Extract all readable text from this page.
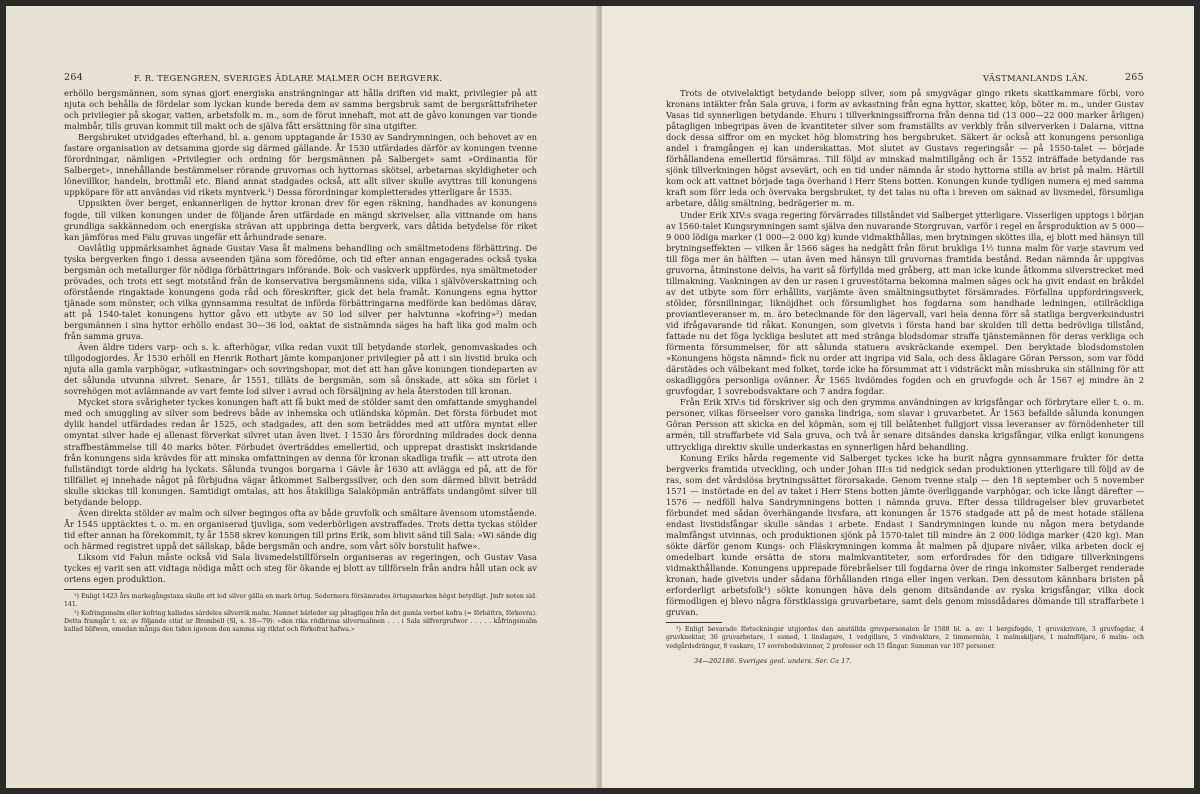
264	F. R. TEGENGREN, SVERIGES ÄDLARE MALMER OCH BERGVERK.

erhöllo bergsmännen, som synas gjort energiska ansträngningar att hålla driften vid makt, privilegier på att njuta och behålla de fördelar som lyckan kunde bereda dem av samma bergsbruk samt de bergsrättsfriheter och privilegier på skogar, vatten, arbetsfolk m. m., som de förut innehaft, mot att de gåvo konungen var tionde malmbår, tills gruvan kommit till makt och de själva fått ersättning för sina utgifter.

Bergsbruket utvidgades efterhand, bl. a. genom upptagande år 1530 av Sandrymningen, och behovet av en fastare organisation av detsamma gjorde sig därmed gällande. År 1530 utfärdades därför av konungen tvenne förordningar, nämligen »Privilegier och ordning för bergsmännen på Salberget» samt »Ordinantia för Salberget», innehållande bestämmelser rörande gruvornas och hyttornas skötsel, arbetarnas skyldigheter och lönevillkor, handeln, brottmål etc. Bland annat stadgades också, att allt silver skulle avyttras till konungens uppköpare för att användas vid rikets myntverk.¹) Dessa förordningar kompletterades ytterligare år 1535.

Uppsikten över berget, enkannerligen de hyttor kronan drev för egen räkning, handhades av konungens fogde, till vilken konungen under de följande åren utfärdade en mängd skrivelser, alla vittnande om hans grundliga sakkännedom och energiska strävan att uppbringa detta bergverk, vars dåtida betydelse för riket kan jämföras med Falu gruvas ungefär ett århundrade senare.

Oavlåtlig uppmärksamhet ägnade Gustav Vasa åt malmens behandling och smältmetodens förbättring. De tyska bergverken fingo i dessa avseenden tjäna som föredöme, och tid efter annan engagerades också tyska bergsmän och metallurger för nödiga förbättringars införande. Bok- och vaskverk uppfördes, nya smältmetoder prövades, och trots ett segt motstånd från de konservativa bergsmännens sida, vilka i självöverskattning och oförstående ringaktade konungens goda råd och föreskrifter, gick det hela framåt. Konungens egna hyttor tjänade som mönster, och vilka gynnsamma resultat de införda förbättringarna medförde kan bedömas därav, att på 1540-talet konungens hyttor gåvo ett utbyte av 50 lod silver per halvtunna »kofring»²) medan bergsmännen i sina hyttor erhöllo endast 30—36 lod, oaktat de sistnämnda säges ha haft lika god malm och från samma gruva.

Även äldre tiders varp- och s. k. afterhögar, vilka redan vuxit till betydande storlek, genomvaskades och tillgodogjordes. År 1530 erhöll en Henrik Rothart jämte kompanjoner privilegier på att i sin livstid bruka och njuta alla gamla varphögar, »utkastningar» och sovringshopar, mot det att han gåve konungen tiondeparten av det sålunda utvunna silvret. Senare, år 1551, tilläts de bergsmän, som så önskade, att söka sin förlet i sovrehögen mot avlämnande av vart femte lod silver i avrad och försäljning av hela återstoden till kronan.

Mycket stora svårigheter tyckes konungen haft att få bukt med de stölder samt den omfattande smyghandel med och smuggling av silver som bedrevs både av inhemska och utländska köpmän. Det första förbudet mot dylik handel utfärdades redan år 1525, och stadgades, att den som beträddes med att utföra myntat eller omyntat silver hade ej allenast förverkat silvret utan även livet. I 1530 års förordning mildrades dock denna straffbestämmelse till 40 marks böter. Förbudet överträddes emellertid, och upprepat drastiskt inskridande från konungens sida krävdes för att minska omfattningen av denna för kronan skadliga trafik — att utrota den fullständigt torde aldrig ha lyckats. Sålunda tvungos borgarna i Gävle år 1630 att avlägga ed på, att de för tillfället ej innehade något på förbjudna vägar åtkommet Salbergssilver, och den som därmed blivit beträdd skulle skickas till konungen. Samtidigt omtalas, att hos åtskilliga Salaköpmän anträffats undangömt silver till betydande belopp.

Även direkta stölder av malm och silver begingos ofta av både gruvfolk och smältare ävensom utomstående. År 1545 upptäcktes t. o. m. en organiserad tjuvliga, som vederbörligen avstraffades. Trots detta tyckas stölder tid efter annan ha förekommit, ty år 1558 skrev konungen till prins Erik, som blivit sänd till Sala: »Wi sände dig och härmed registret uppå det sällskap, både bergsmän och andre, som vårt sölv borstulit hafwe».

Liksom vid Falun måste också vid Sala livsmedelstillförseln organiseras av regeringen, och Gustav Vasa tyckes ej varit sen att vidtaga nödiga mått och steg för ökande ej blott av tillförseln från andra håll utan ock av ortens egen produktion.

¹) Enligt 1423 års markegångstaxa skulle ett lod silver gälla en mark örtug. Sedermera försämrades örtugsmarken högst betydligt. Jmfr noten sid. 141.

²) Kofringsmalm eller kofring kallades särdeles silverrik malm. Namnet härleder sig påtagligen från det gamla verbet kofra (= förbättra, förkovra). Detta framgår t. ex. av följande citat ur Brombell (Sl, s. 18—79): »den rika rödbruna silvermalmen . . . i Sala silfvergrufwor . . . . . kåfringsmalm kallad blifwen, emedan många den tiden igenom den samma sig riktat och förkofrat hafwa.»

VÄSTMANLANDS LÄN.	265

Trots de otvivelaktigt betydande belopp silver, som på smygvägar gingo rikets skattkammare förbi, voro kronans intäkter från Sala gruva, i form av avkastning från egna hyttor, skatter, köp, böter m. m., under Gustav Vasas tid synnerligen betydande. Ehuru i tillverkningssiffrorna från denna tid (13 000—22 000 marker årligen) påtagligen inbegripas även de kvantiteter silver som framställts av verkbly från silververken i Dalarna, vittna dock dessa siffror om en mycket hög blomstring hos bergsbruket. Säkert är också att konungens personliga andel i framgången ej kan underskattas. Mot slutet av Gustavs regeringsår — på 1550-talet — började förhållandena emellertid försämras. Till följd av minskad malmtillgång och år 1552 inträffade betydande ras sjönk tillverkningen högst avsevärt, och en tid under nämnda år stodo hyttorna stilla av brist på malm. Härtill kom ock att vattnet började taga överhand i Herr Stens botten. Konungen kunde tydligen numera ej med samma kraft som förr leda och övervaka bergsbruket, ty det talas nu ofta i breven om saknad av livsmedel, försumliga arbetare, dålig smältning, bedrägerier m. m.

Under Erik XIV:s svaga regering förvärrades tillståndet vid Salberget ytterligare. Visserligen upptogs i början av 1560-talet Kungsrymningen samt själva den nuvarande Storgruvan, varför i regel en årsproduktion av 5 000—9 000 lödiga marker (1 000—2 000 kg) kunde vidmakthållas, men brytningen sköttes illa, ej blott med hänsyn till brytningseffekten — vilken år 1566 säges ha nedgått från förut brukliga 1½ tunna malm för varje stavrum ved till föga mer än hälften — utan även med hänsyn till gruvornas framtida bestånd. Redan nämnda år uppgivas gruvorna, åtminstone delvis, ha varit så förfyllda med gråberg, att man icke kunde åtkomma silverstrecket med tillmakning. Vaskningen av den ur rasen i gruvestötarna bekomna malmen säges ock ha givit endast en bråkdel av det utbyte som förr erhållits, varjämte även smältningsutbytet försämrades. Förfallna uppfordringsverk, stölder, försnillningar, liknöjdhet och försumlighet hos fogdarna som handhade ledningen, otillräckliga proviantleveranser m. m. äro betecknande för den lägervall, vari hela denna förr så statliga bergverksindustri vid ifrågavarande tid råkat. Konungen, som givetvis i första hand bar skulden till detta bedrövliga tillstånd, fattade nu det föga lyckliga beslutet att med stränga blodsdomar straffa tjänstemännen för deras verkliga och förmenta försummelser, för att sålunda statuera avskräckande exempel. Den beryktade blodsdomstolen »Konungens högsta nämnd» fick nu order att ingripa vid Sala, och dess åklagare Göran Persson, som var född därstädes och välbekant med folket, torde icke ha försummat att i vidsträckt mån missbruka sin ställning för att oskadliggöra personliga ovänner. År 1565 livdömdes fogden och en gruvfogde och år 1567 ej mindre än 2 gruvfogdar, 1 sovrebodsvaktare och 7 andra fogdar.

Från Erik XIV:s tid förskriver sig och den grymma användningen av krigsfångar och förbrytare eller t. o. m. personer, vilkas förseelser voro ganska lindriga, som slavar i gruvarbetet. År 1563 befallde sålunda konungen Göran Persson att skicka en del köpmän, som ej till belåtenhet fullgjort vissa leveranser av förnödenheter till armén, till straffarbete vid Sala gruva, och två år senare ditsändes danska krigsfångar, vilka enligt konungens uttryckliga direktiv skulle underkastas en synnerligen hård behandling.

Konung Eriks hårda regemente vid Salberget tyckes icke ha burit några gynnsammare frukter för detta bergverks framtida utveckling, och under Johan III:s tid nedgick sedan produktionen ytterligare till följd av de ras, som det vårdslösa brytningssättet förorsakade. Genom tvenne stalp — den 18 september och 5 november 1571 — instörtade en del av taket i Herr Stens botten jämte överliggande varphögar, och icke långt därefter — 1576 — nedföll halva Sandrymningens botten i nämnda gruva. Efter dessa tilldragelser blev gruvarbetet förbundet med sådan överhängande livsfara, att konungen år 1576 stadgade att på de mest hotade ställena endast livstidsfångar skulle sändas i arbete. Endast i Sandrymningen kunde nu någon mera betydande malmfångst utvinnas, och produktionen sjönk på 1570-talet till mindre än 2 000 lödiga marker (420 kg). Man sökte därför genom Kungs- och Fläskrymningen komma åt malmen på djupare nivåer, vilka arbeten dock ej omedelbart kunde ersätta de stora malmkvantiteter, som erfordrades för den tidigare tillverkningens vidmakthållande. Konungens upprepade förebråelser till fogdarna över de ringa inkomster Salberget renderade kronan, hade givetvis under sådana förhållanden ringa eller ingen verkan. Den dessutom kännbara bristen på erforderligt arbetsfolk¹) sökte konungen häva dels genom ditsändande av ryska krigsfångar, vilka dock förmodligen ej blevo några förstklassiga gruvarbetare, samt dels genom missdådares dömande till straffarbete i gruvan.

¹) Enligt bevarade förteckningar utgjordes den anställda gruvpersonalen år 1588 bl. a. av: 1 bergsfogde, 1 gruvskrivare, 3 gruvfogdar, 4 gruvknektar, 36 gruvarbetare, 1 esmed, 1 linslagare, 1 vedgillare, 5 vindvaktare, 2 timmermän, 1 malmskiljare, 1 malmföljare, 6 malm- och vedgårdsdrängar, 8 vaskare, 17 sovrebodskvinnor, 2 professer och 15 fångar. Summan var 107 personer.

34—202186. Sveriges geol. unders. Ser. Ca 17.
